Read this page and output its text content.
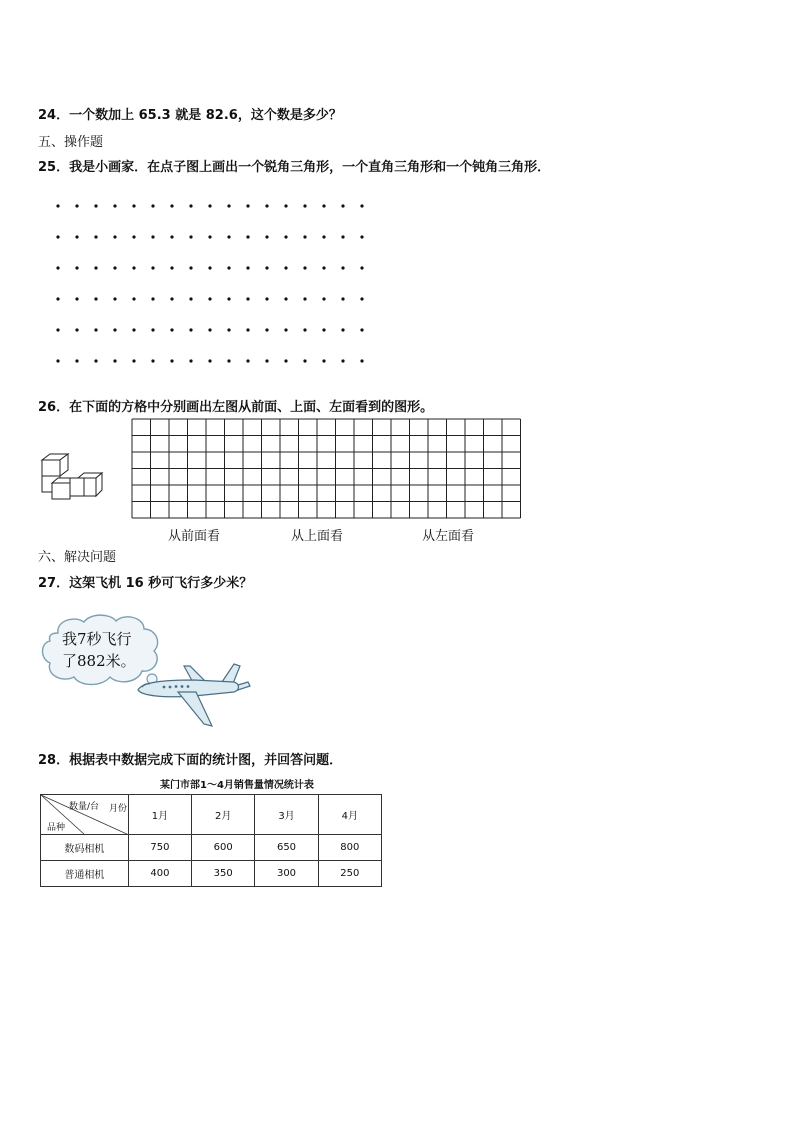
24．一个数加上 65.3 就是 82.6，这个数是多少？
五、操作题
25．我是小画家．在点子图上画出一个锐角三角形，一个直角三角形和一个钝角三角形．
26．在下面的方格中分别画出左图从前面、上面、左面看到的图形。
从前面看	从上面看	从左面看
六、解决问题
27．这架飞机 16 秒可飞行多少米？
我7秒飞行
了882米。
28．根据表中数据完成下面的统计图，并回答问题．
某门市部1～4月销售量情况统计表
数量/台 月份
品种	1月	2月	3月	4月
数码相机	750	600	650	800
普通相机	400	350	300	250
